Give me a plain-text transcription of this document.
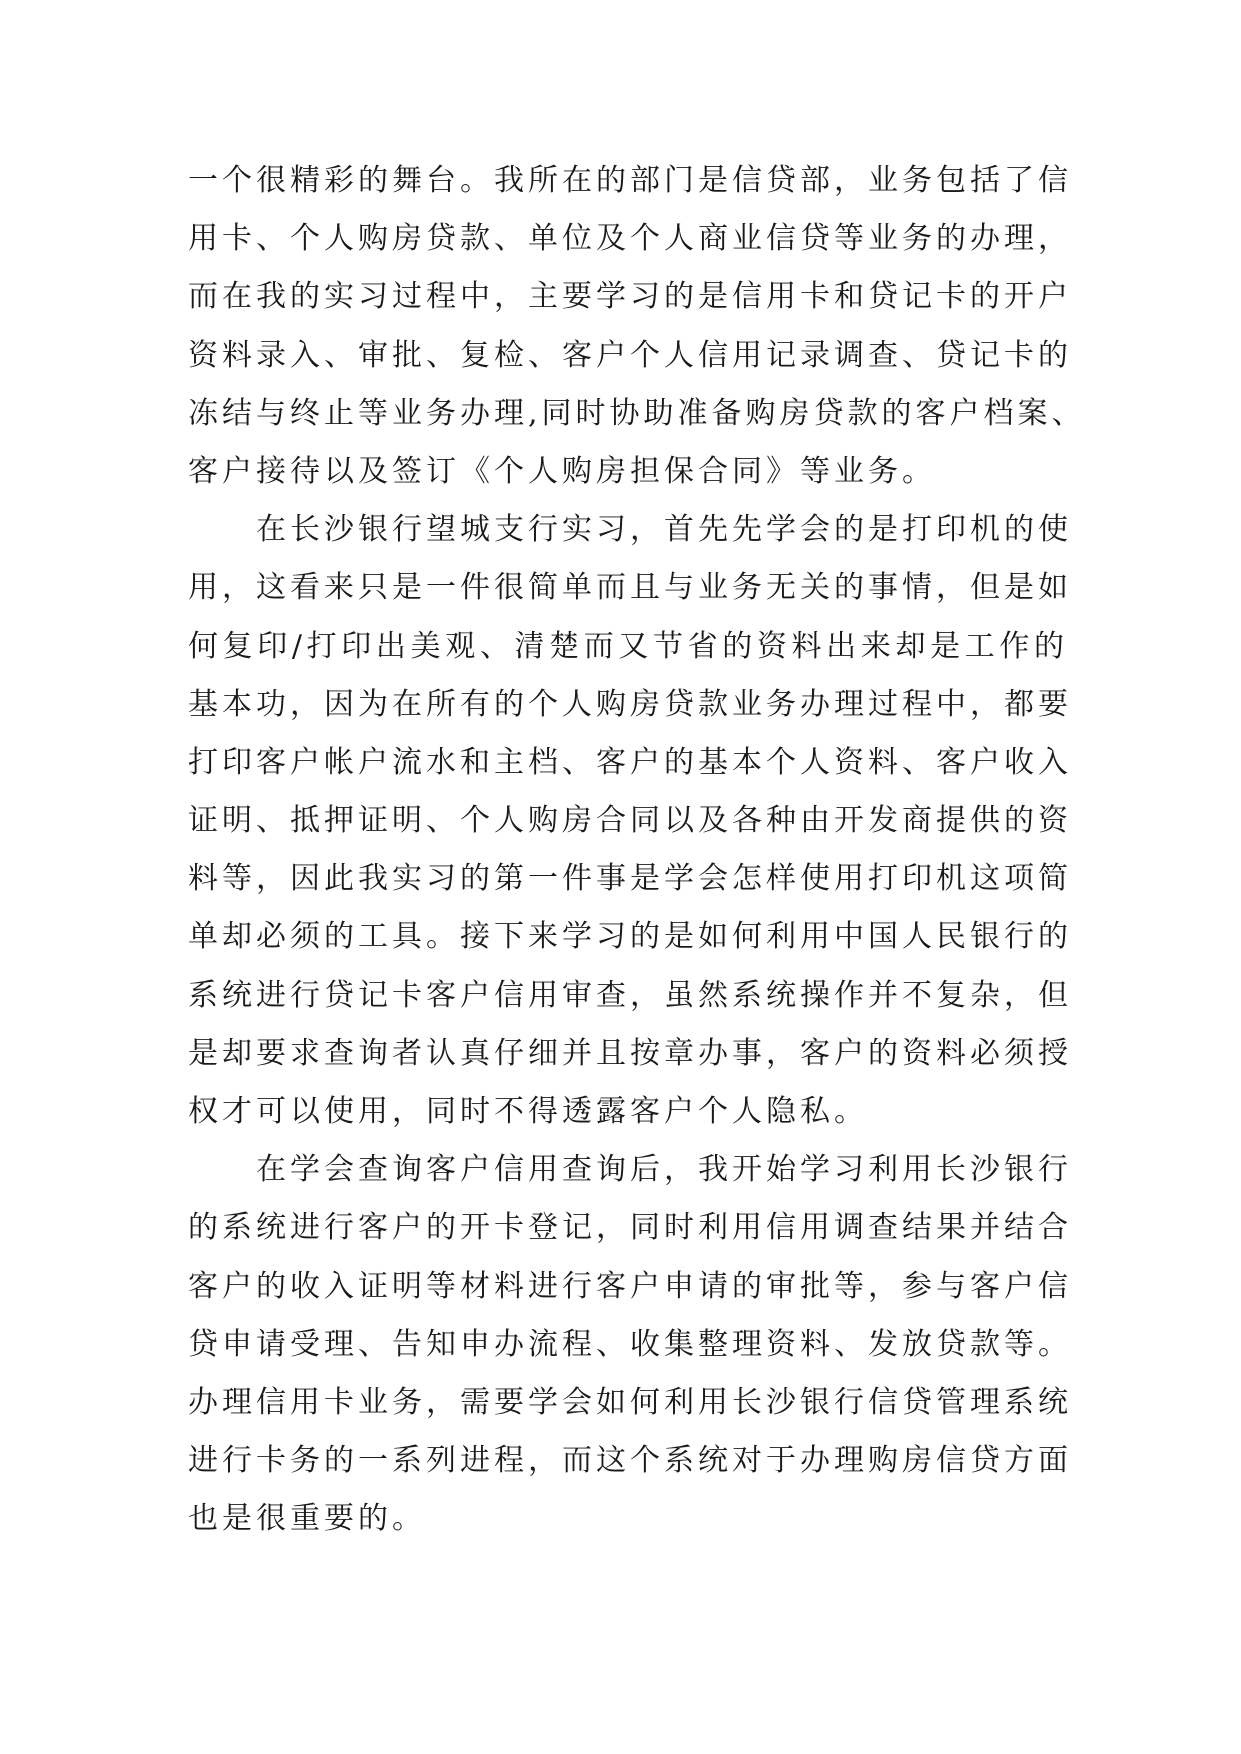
一个很精彩的舞台。我所在的部门是信贷部，业务包括了信
用卡、个人购房贷款、单位及个人商业信贷等业务的办理，
而在我的实习过程中，主要学习的是信用卡和贷记卡的开户
资料录入、审批、复检、客户个人信用记录调查、贷记卡的
冻结与终止等业务办理,同时协助准备购房贷款的客户档案、
客户接待以及签订《个人购房担保合同》等业务。
在长沙银行望城支行实习，首先先学会的是打印机的使
用，这看来只是一件很简单而且与业务无关的事情，但是如
何复印/打印出美观、清楚而又节省的资料出来却是工作的
基本功，因为在所有的个人购房贷款业务办理过程中，都要
打印客户帐户流水和主档、客户的基本个人资料、客户收入
证明、抵押证明、个人购房合同以及各种由开发商提供的资
料等，因此我实习的第一件事是学会怎样使用打印机这项简
单却必须的工具。接下来学习的是如何利用中国人民银行的
系统进行贷记卡客户信用审查，虽然系统操作并不复杂，但
是却要求查询者认真仔细并且按章办事，客户的资料必须授
权才可以使用，同时不得透露客户个人隐私。
在学会查询客户信用查询后，我开始学习利用长沙银行
的系统进行客户的开卡登记，同时利用信用调查结果并结合
客户的收入证明等材料进行客户申请的审批等，参与客户信
贷申请受理、告知申办流程、收集整理资料、发放贷款等。
办理信用卡业务，需要学会如何利用长沙银行信贷管理系统
进行卡务的一系列进程，而这个系统对于办理购房信贷方面
也是很重要的。
